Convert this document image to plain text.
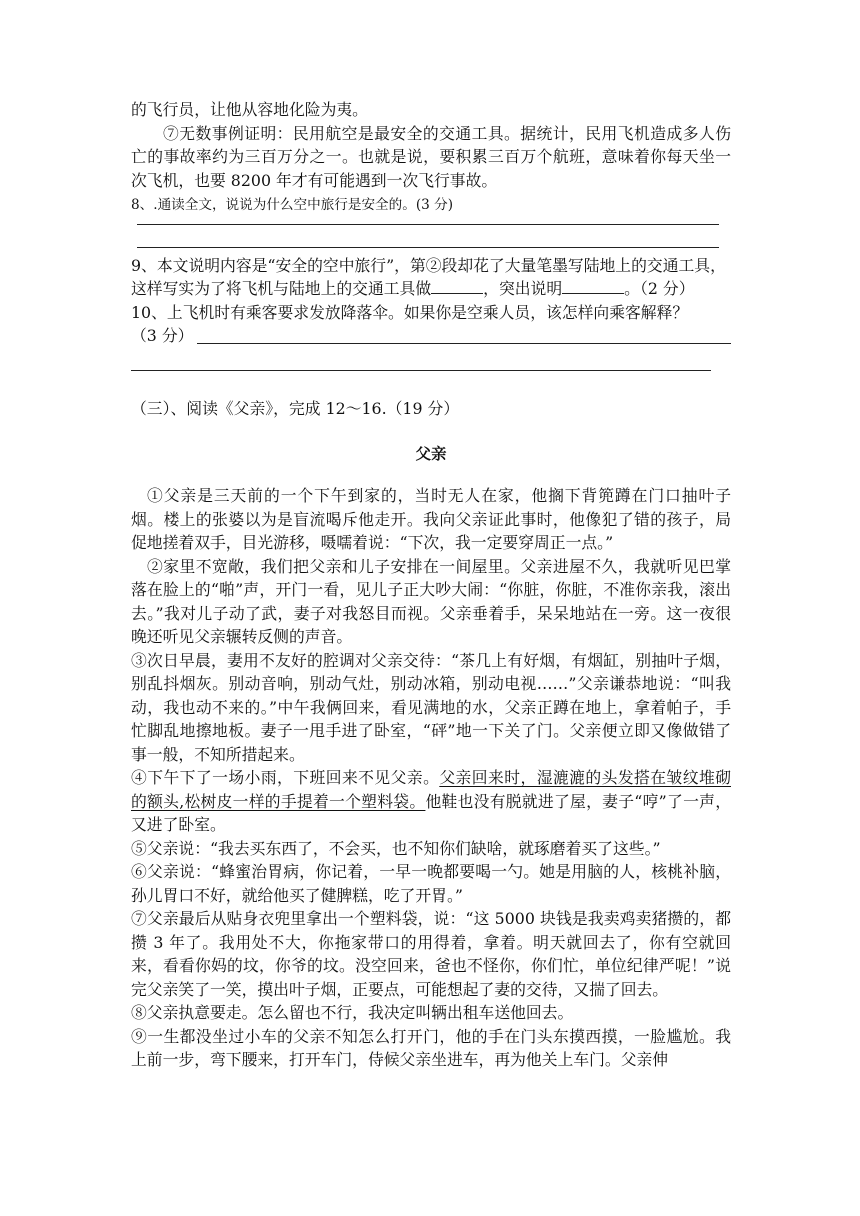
的飞行员，让他从容地化险为夷。

⑦无数事例证明：民用航空是最安全的交通工具。据统计，民用飞机造成多人伤亡的事故率约为三百万分之一。也就是说，要积累三百万个航班，意味着你每天坐一次飞机，也要 8200 年才有可能遇到一次飞行事故。

8、.通读全文，说说为什么空中旅行是安全的。(3 分)

9、本文说明内容是“安全的空中旅行”，第②段却花了大量笔墨写陆地上的交通工具，这样写实为了将飞机与陆地上的交通工具做	，突出说明	。（2 分）

10、上飞机时有乘客要求发放降落伞。如果你是空乘人员，该怎样向乘客解释？

（3 分）

（三）、阅读《父亲》，完成 12～16.（19 分）

父亲

①父亲是三天前的一个下午到家的，当时无人在家，他搁下背篼蹲在门口抽叶子烟。楼上的张婆以为是盲流喝斥他走开。我向父亲证此事时，他像犯了错的孩子，局促地搓着双手，目光游移，嗫嚅着说：“下次，我一定要穿周正一点。”

②家里不宽敞，我们把父亲和儿子安排在一间屋里。父亲进屋不久，我就听见巴掌落在脸上的“啪”声，开门一看，见儿子正大吵大闹：“你脏，你脏，不准你亲我，滚出去。”我对儿子动了武，妻子对我怒目而视。父亲垂着手，呆呆地站在一旁。这一夜很晚还听见父亲辗转反侧的声音。

③次日早晨，妻用不友好的腔调对父亲交待：“茶几上有好烟，有烟缸，别抽叶子烟，别乱抖烟灰。别动音响，别动气灶，别动冰箱，别动电视……”父亲谦恭地说：“叫我动，我也动不来的。”中午我俩回来，看见满地的水，父亲正蹲在地上，拿着帕子，手忙脚乱地擦地板。妻子一甩手进了卧室，“砰”地一下关了门。父亲便立即又像做错了事一般，不知所措起来。

④下午下了一场小雨，下班回来不见父亲。父亲回来时，湿漉漉的头发搭在皱纹堆砌的额头,松树皮一样的手提着一个塑料袋。他鞋也没有脱就进了屋，妻子“哼”了一声，又进了卧室。

⑤父亲说：“我去买东西了，不会买，也不知你们缺啥，就琢磨着买了这些。”

⑥父亲说：“蜂蜜治胃病，你记着，一早一晚都要喝一勺。她是用脑的人，核桃补脑，孙儿胃口不好，就给他买了健脾糕，吃了开胃。”

⑦父亲最后从贴身衣兜里拿出一个塑料袋，说：“这 5000 块钱是我卖鸡卖猪攒的，都攒 3 年了。我用处不大，你拖家带口的用得着，拿着。明天就回去了，你有空就回来，看看你妈的坟，你爷的坟。没空回来，爸也不怪你，你们忙，单位纪律严呢！”说完父亲笑了一笑，摸出叶子烟，正要点，可能想起了妻的交待，又揣了回去。

⑧父亲执意要走。怎么留也不行，我决定叫辆出租车送他回去。

⑨一生都没坐过小车的父亲不知怎么打开门，他的手在门头东摸西摸，一脸尴尬。我上前一步，弯下腰来，打开车门，侍候父亲坐进车，再为他关上车门。父亲伸
